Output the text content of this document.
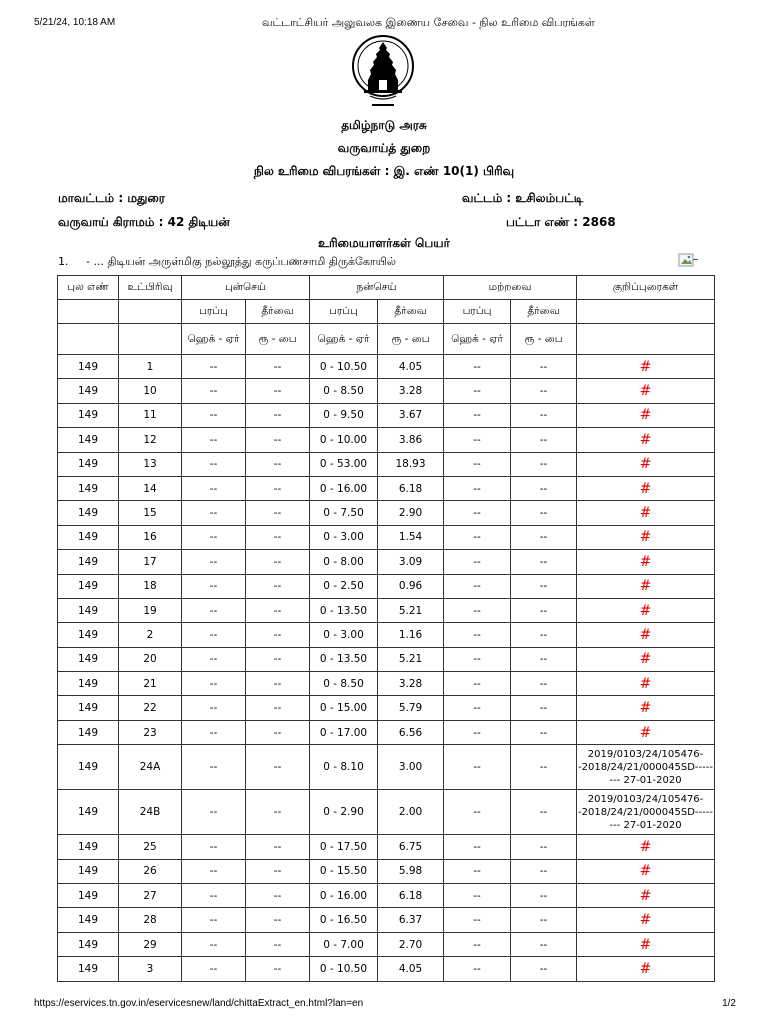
5/21/24, 10:18 AM	வட்டாட்சியர் அலுவலக இணைய சேவை - நில உரிமை விபரங்கள்
தமிழ்நாடு அரசு
வருவாய்த் துறை
நில உரிமை விபரங்கள் : இ. எண் 10(1) பிரிவு
மாவட்டம் : மதுரை	வட்டம் : உசிலம்பட்டி
வருவாய் கிராமம் : 42 திடியன்	பட்டா எண் : 2868
உரிமையாளர்கள் பெயர்
1. - ... திடியன் அருள்மிகு நல்லூத்து கருப்பணசாமி திருக்கோயில்
புல எண்	உட்பிரிவு	புன்செய்		நன்செய்		மற்றவை		குறிப்புரைகள்
		பரப்பு	தீர்வை	பரப்பு	தீர்வை	பரப்பு	தீர்வை	
		ஹெக் - ஏர்	ரூ - பை	ஹெக் - ஏர்	ரூ - பை	ஹெக் - ஏர்	ரூ - பை	
149	1	--	--	0 - 10.50	4.05	--	--	#
149	10	--	--	0 - 8.50	3.28	--	--	#
149	11	--	--	0 - 9.50	3.67	--	--	#
149	12	--	--	0 - 10.00	3.86	--	--	#
149	13	--	--	0 - 53.00	18.93	--	--	#
149	14	--	--	0 - 16.00	6.18	--	--	#
149	15	--	--	0 - 7.50	2.90	--	--	#
149	16	--	--	0 - 3.00	1.54	--	--	#
149	17	--	--	0 - 8.00	3.09	--	--	#
149	18	--	--	0 - 2.50	0.96	--	--	#
149	19	--	--	0 - 13.50	5.21	--	--	#
149	2	--	--	0 - 3.00	1.16	--	--	#
149	20	--	--	0 - 13.50	5.21	--	--	#
149	21	--	--	0 - 8.50	3.28	--	--	#
149	22	--	--	0 - 15.00	5.79	--	--	#
149	23	--	--	0 - 17.00	6.56	--	--	#
149	24A	--	--	0 - 8.10	3.00	--	--	2019/0103/24/105476--2018/24/21/000045SD-------- 27-01-2020
149	24B	--	--	0 - 2.90	2.00	--	--	2019/0103/24/105476--2018/24/21/000045SD-------- 27-01-2020
149	25	--	--	0 - 17.50	6.75	--	--	#
149	26	--	--	0 - 15.50	5.98	--	--	#
149	27	--	--	0 - 16.00	6.18	--	--	#
149	28	--	--	0 - 16.50	6.37	--	--	#
149	29	--	--	0 - 7.00	2.70	--	--	#
149	3	--	--	0 - 10.50	4.05	--	--	#
https://eservices.tn.gov.in/eservicesnew/land/chittaExtract_en.html?lan=en	1/2
